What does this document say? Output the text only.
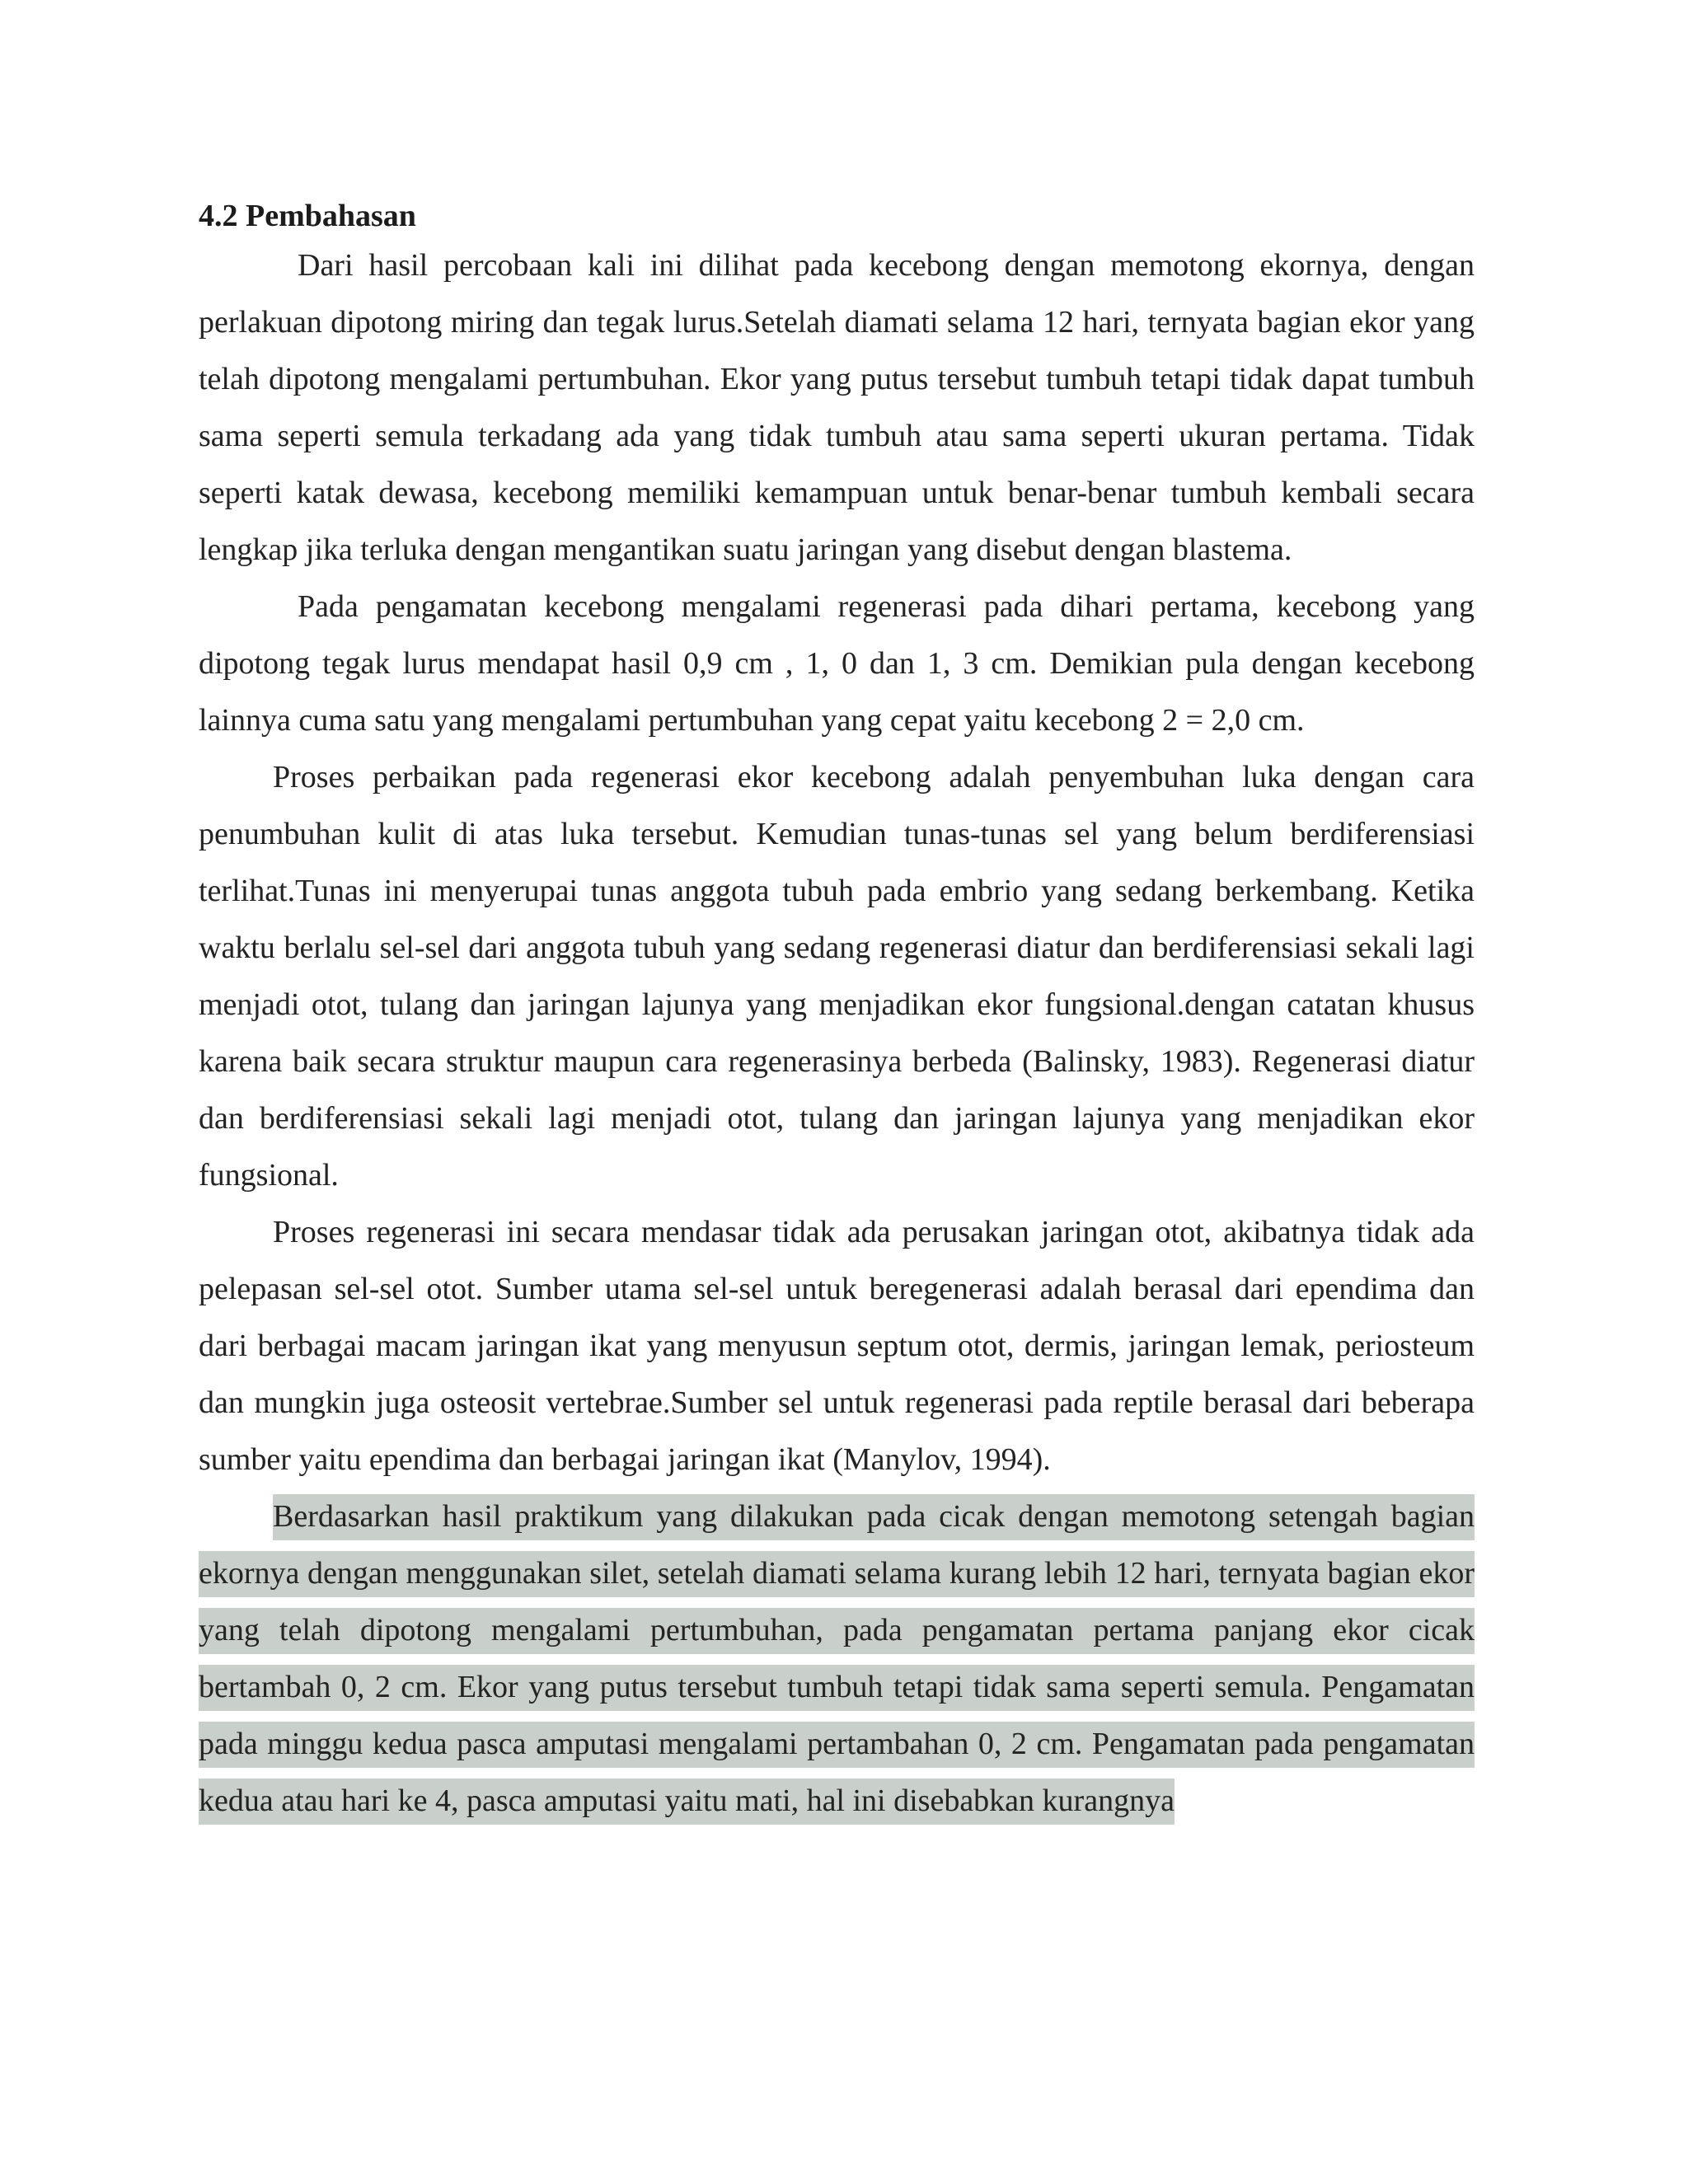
4.2 Pembahasan

Dari hasil percobaan kali ini dilihat pada kecebong dengan memotong ekornya, dengan perlakuan dipotong miring dan tegak lurus.Setelah diamati selama 12 hari, ternyata bagian ekor yang telah dipotong mengalami pertumbuhan. Ekor yang putus tersebut tumbuh tetapi tidak dapat tumbuh sama seperti semula terkadang ada yang tidak tumbuh atau sama seperti ukuran pertama. Tidak seperti katak dewasa, kecebong memiliki kemampuan untuk benar-benar tumbuh kembali secara lengkap jika terluka dengan mengantikan suatu jaringan yang disebut dengan blastema.

Pada pengamatan kecebong mengalami regenerasi pada dihari pertama, kecebong yang dipotong tegak lurus mendapat hasil 0,9 cm , 1, 0 dan 1, 3 cm. Demikian pula dengan kecebong lainnya cuma satu yang mengalami pertumbuhan yang cepat yaitu kecebong 2 = 2,0 cm.

Proses perbaikan pada regenerasi ekor kecebong adalah penyembuhan luka dengan cara penumbuhan kulit di atas luka tersebut. Kemudian tunas-tunas sel yang belum berdiferensiasi terlihat.Tunas ini menyerupai tunas anggota tubuh pada embrio yang sedang berkembang. Ketika waktu berlalu sel-sel dari anggota tubuh yang sedang regenerasi diatur dan berdiferensiasi sekali lagi menjadi otot, tulang dan jaringan lajunya yang menjadikan ekor fungsional.dengan catatan khusus karena baik secara struktur maupun cara regenerasinya berbeda (Balinsky, 1983). Regenerasi diatur dan berdiferensiasi sekali lagi menjadi otot, tulang dan jaringan lajunya yang menjadikan ekor fungsional.

Proses regenerasi ini secara mendasar tidak ada perusakan jaringan otot, akibatnya tidak ada pelepasan sel-sel otot. Sumber utama sel-sel untuk beregenerasi adalah berasal dari ependima dan dari berbagai macam jaringan ikat yang menyusun septum otot, dermis, jaringan lemak, periosteum dan mungkin juga osteosit vertebrae.Sumber sel untuk regenerasi pada reptile berasal dari beberapa sumber yaitu ependima dan berbagai jaringan ikat (Manylov, 1994).

Berdasarkan hasil praktikum yang dilakukan pada cicak dengan memotong setengah bagian ekornya dengan menggunakan silet, setelah diamati selama kurang lebih 12 hari, ternyata bagian ekor yang telah dipotong mengalami pertumbuhan, pada pengamatan pertama panjang ekor cicak bertambah 0, 2 cm. Ekor yang putus tersebut tumbuh tetapi tidak sama seperti semula. Pengamatan pada minggu kedua pasca amputasi mengalami pertambahan 0, 2 cm. Pengamatan pada pengamatan kedua atau hari ke 4, pasca amputasi yaitu mati, hal ini disebabkan kurangnya
